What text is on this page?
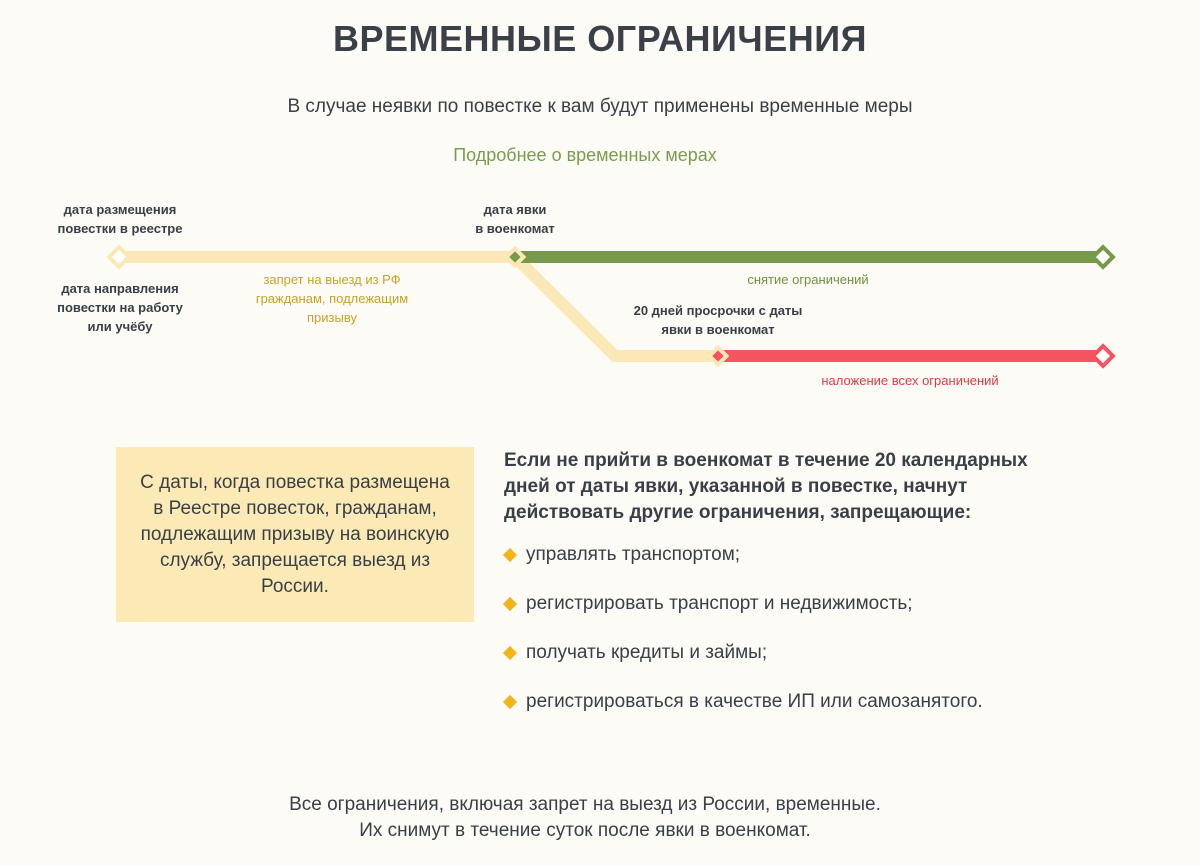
ВРЕМЕННЫЕ ОГРАНИЧЕНИЯ
В случае неявки по повестке к вам будут применены временные меры
Подробнее о временных мерах
дата размещения
повестки в реестре
дата направления
повестки на работу
или учёбу
запрет на выезд из РФ
гражданам, подлежащим
призыву
дата явки
в военкомат
снятие ограничений
20 дней просрочки с даты
явки в военкомат
наложение всех ограничений
С даты, когда повестка размещена в Реестре повесток, гражданам, подлежащим призыву на воинскую службу, запрещается выезд из России.

Если не прийти в военкомат в течение 20 календарных дней от даты явки, указанной в повестке, начнут действовать другие ограничения, запрещающие:

управлять транспортом;
регистрировать транспорт и недвижимость;
получать кредиты и займы;
регистрироваться в качестве ИП или самозанятого.
Все ограничения, включая запрет на выезд из России, временные.
Их снимут в течение суток после явки в военкомат.
